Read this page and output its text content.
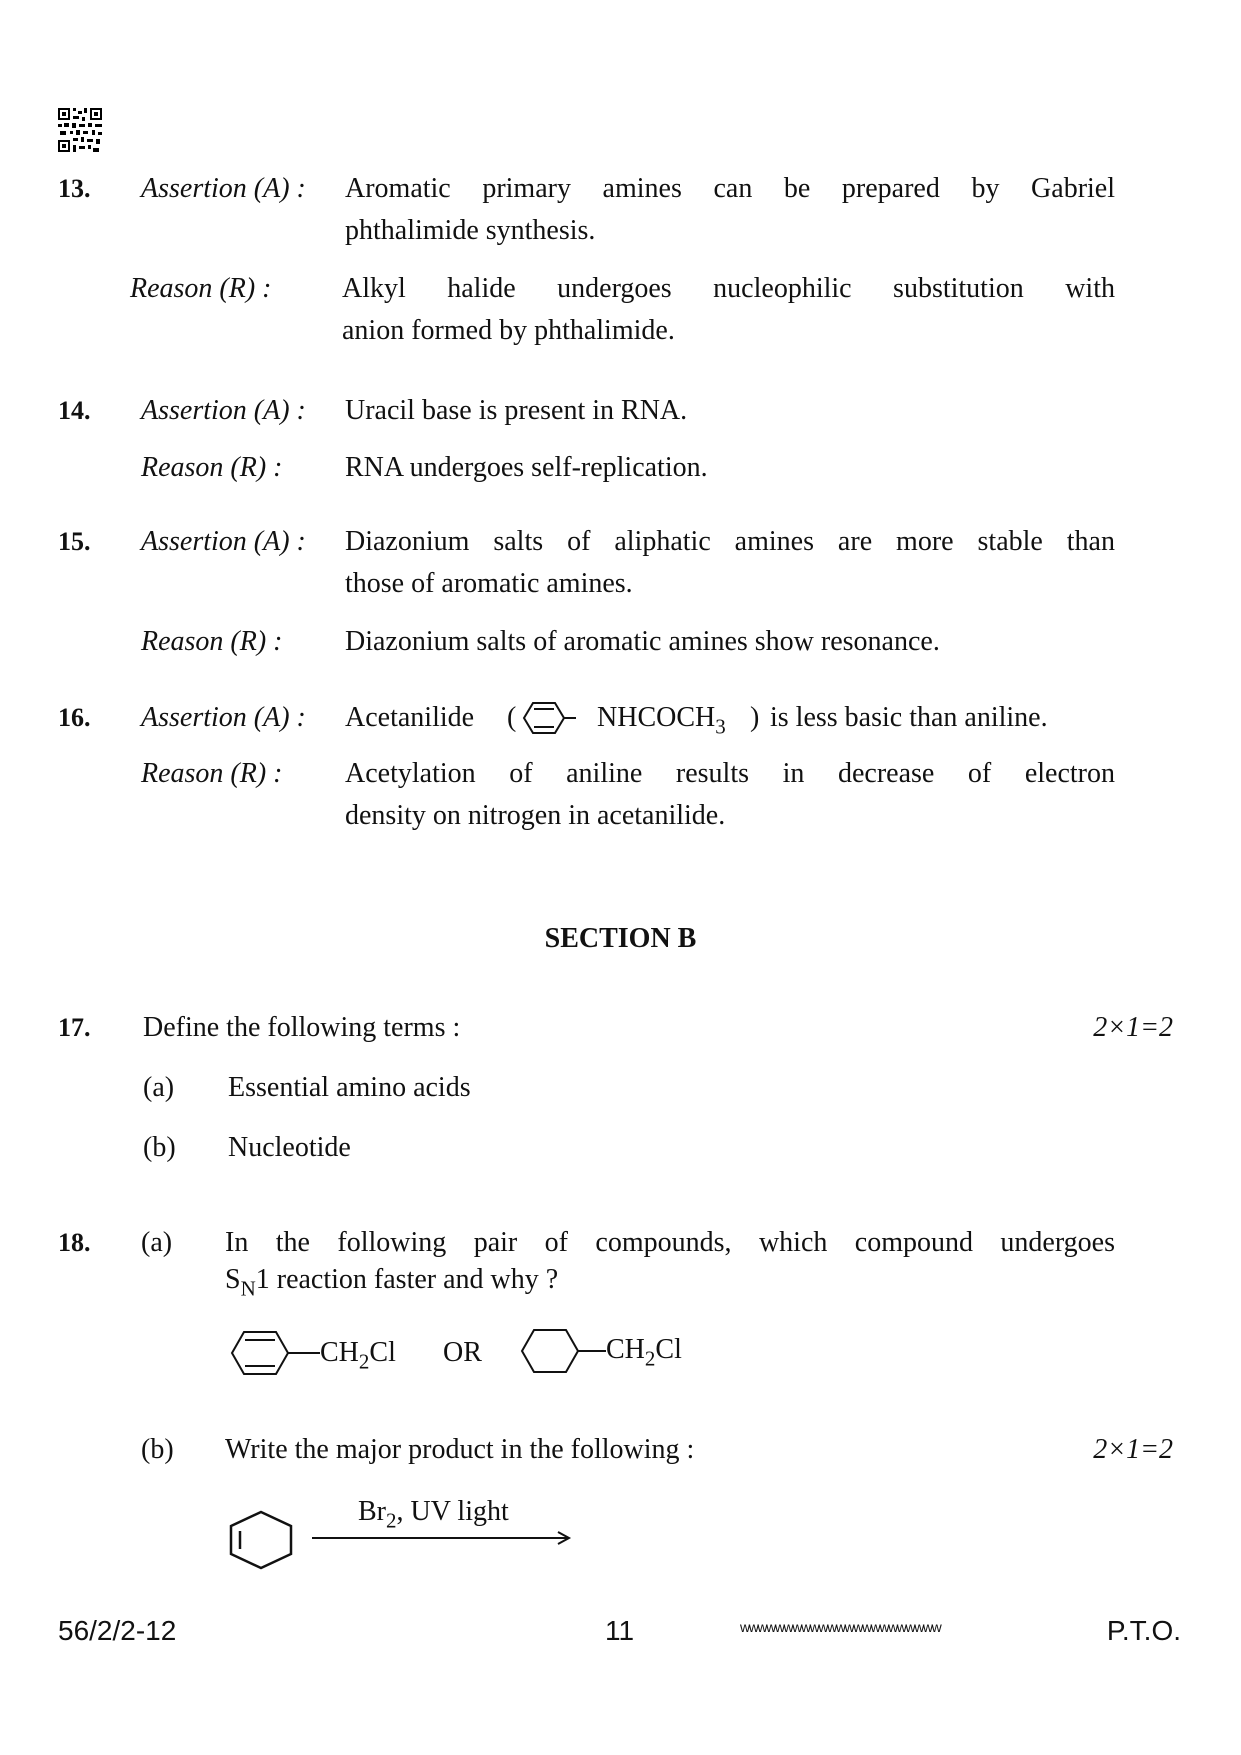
13. Assertion (A) : Aromatic primary amines can be prepared by Gabriel
phthalimide synthesis.
Reason (R) :	Alkyl halide undergoes nucleophilic substitution with
anion formed by phthalimide.
14. Assertion (A) : Uracil base is present in RNA.
Reason (R) : RNA undergoes self-replication.
15. Assertion (A) : Diazonium salts of aliphatic amines are more stable than
those of aromatic amines.
Reason (R) : Diazonium salts of aromatic amines show resonance.
16. Assertion (A) : Acetanilide (	$NHCOCH_3$ ) is less basic than aniline.
Reason (R) : Acetylation of aniline results in decrease of electron
density on nitrogen in acetanilide.
SECTION B
17. Define the following terms :	2×1=2
(a) Essential amino acids
(b) Nucleotide
18. (a) In the following pair of compounds, which compound undergoes
$S_N1$ reaction faster and why ?
$CH_2Cl$ OR	$CH_2Cl$
(b) Write the major product in the following :	2×1=2
$Br_2$, UV light
56/2/2-12	11	wwwwwwwwwwwwwwwwwwwwwww	P.T.O.
